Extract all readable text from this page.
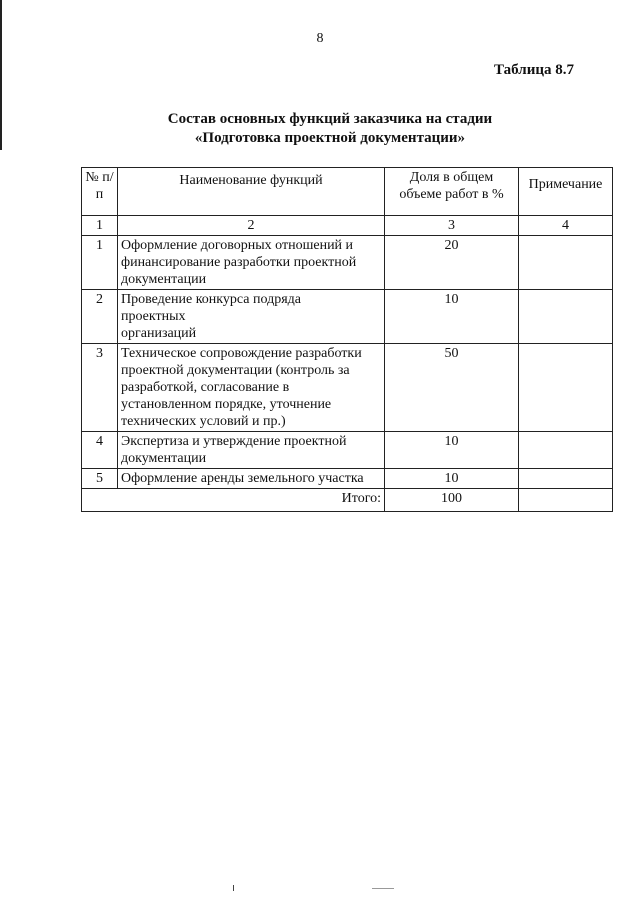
8
Таблица 8.7
Состав основных функций заказчика на стадии
«Подготовка проектной документации»
№ п/п	Наименование функций	Доля в общем объеме работ в %	Примечание
1	2	3	4
1	Оформление договорных отношений и финансирование разработки проектной документации	20	
2	Проведение конкурса подряда
проектных
организаций	10	
3	Техническое сопровождение разработки проектной документации (контроль за разработкой, согласование в установленном порядке, уточнение технических условий и пр.)	50	
4	Экспертиза и утверждение проектной документации	10	
5	Оформление аренды земельного участка	10	
Итого:		100	
